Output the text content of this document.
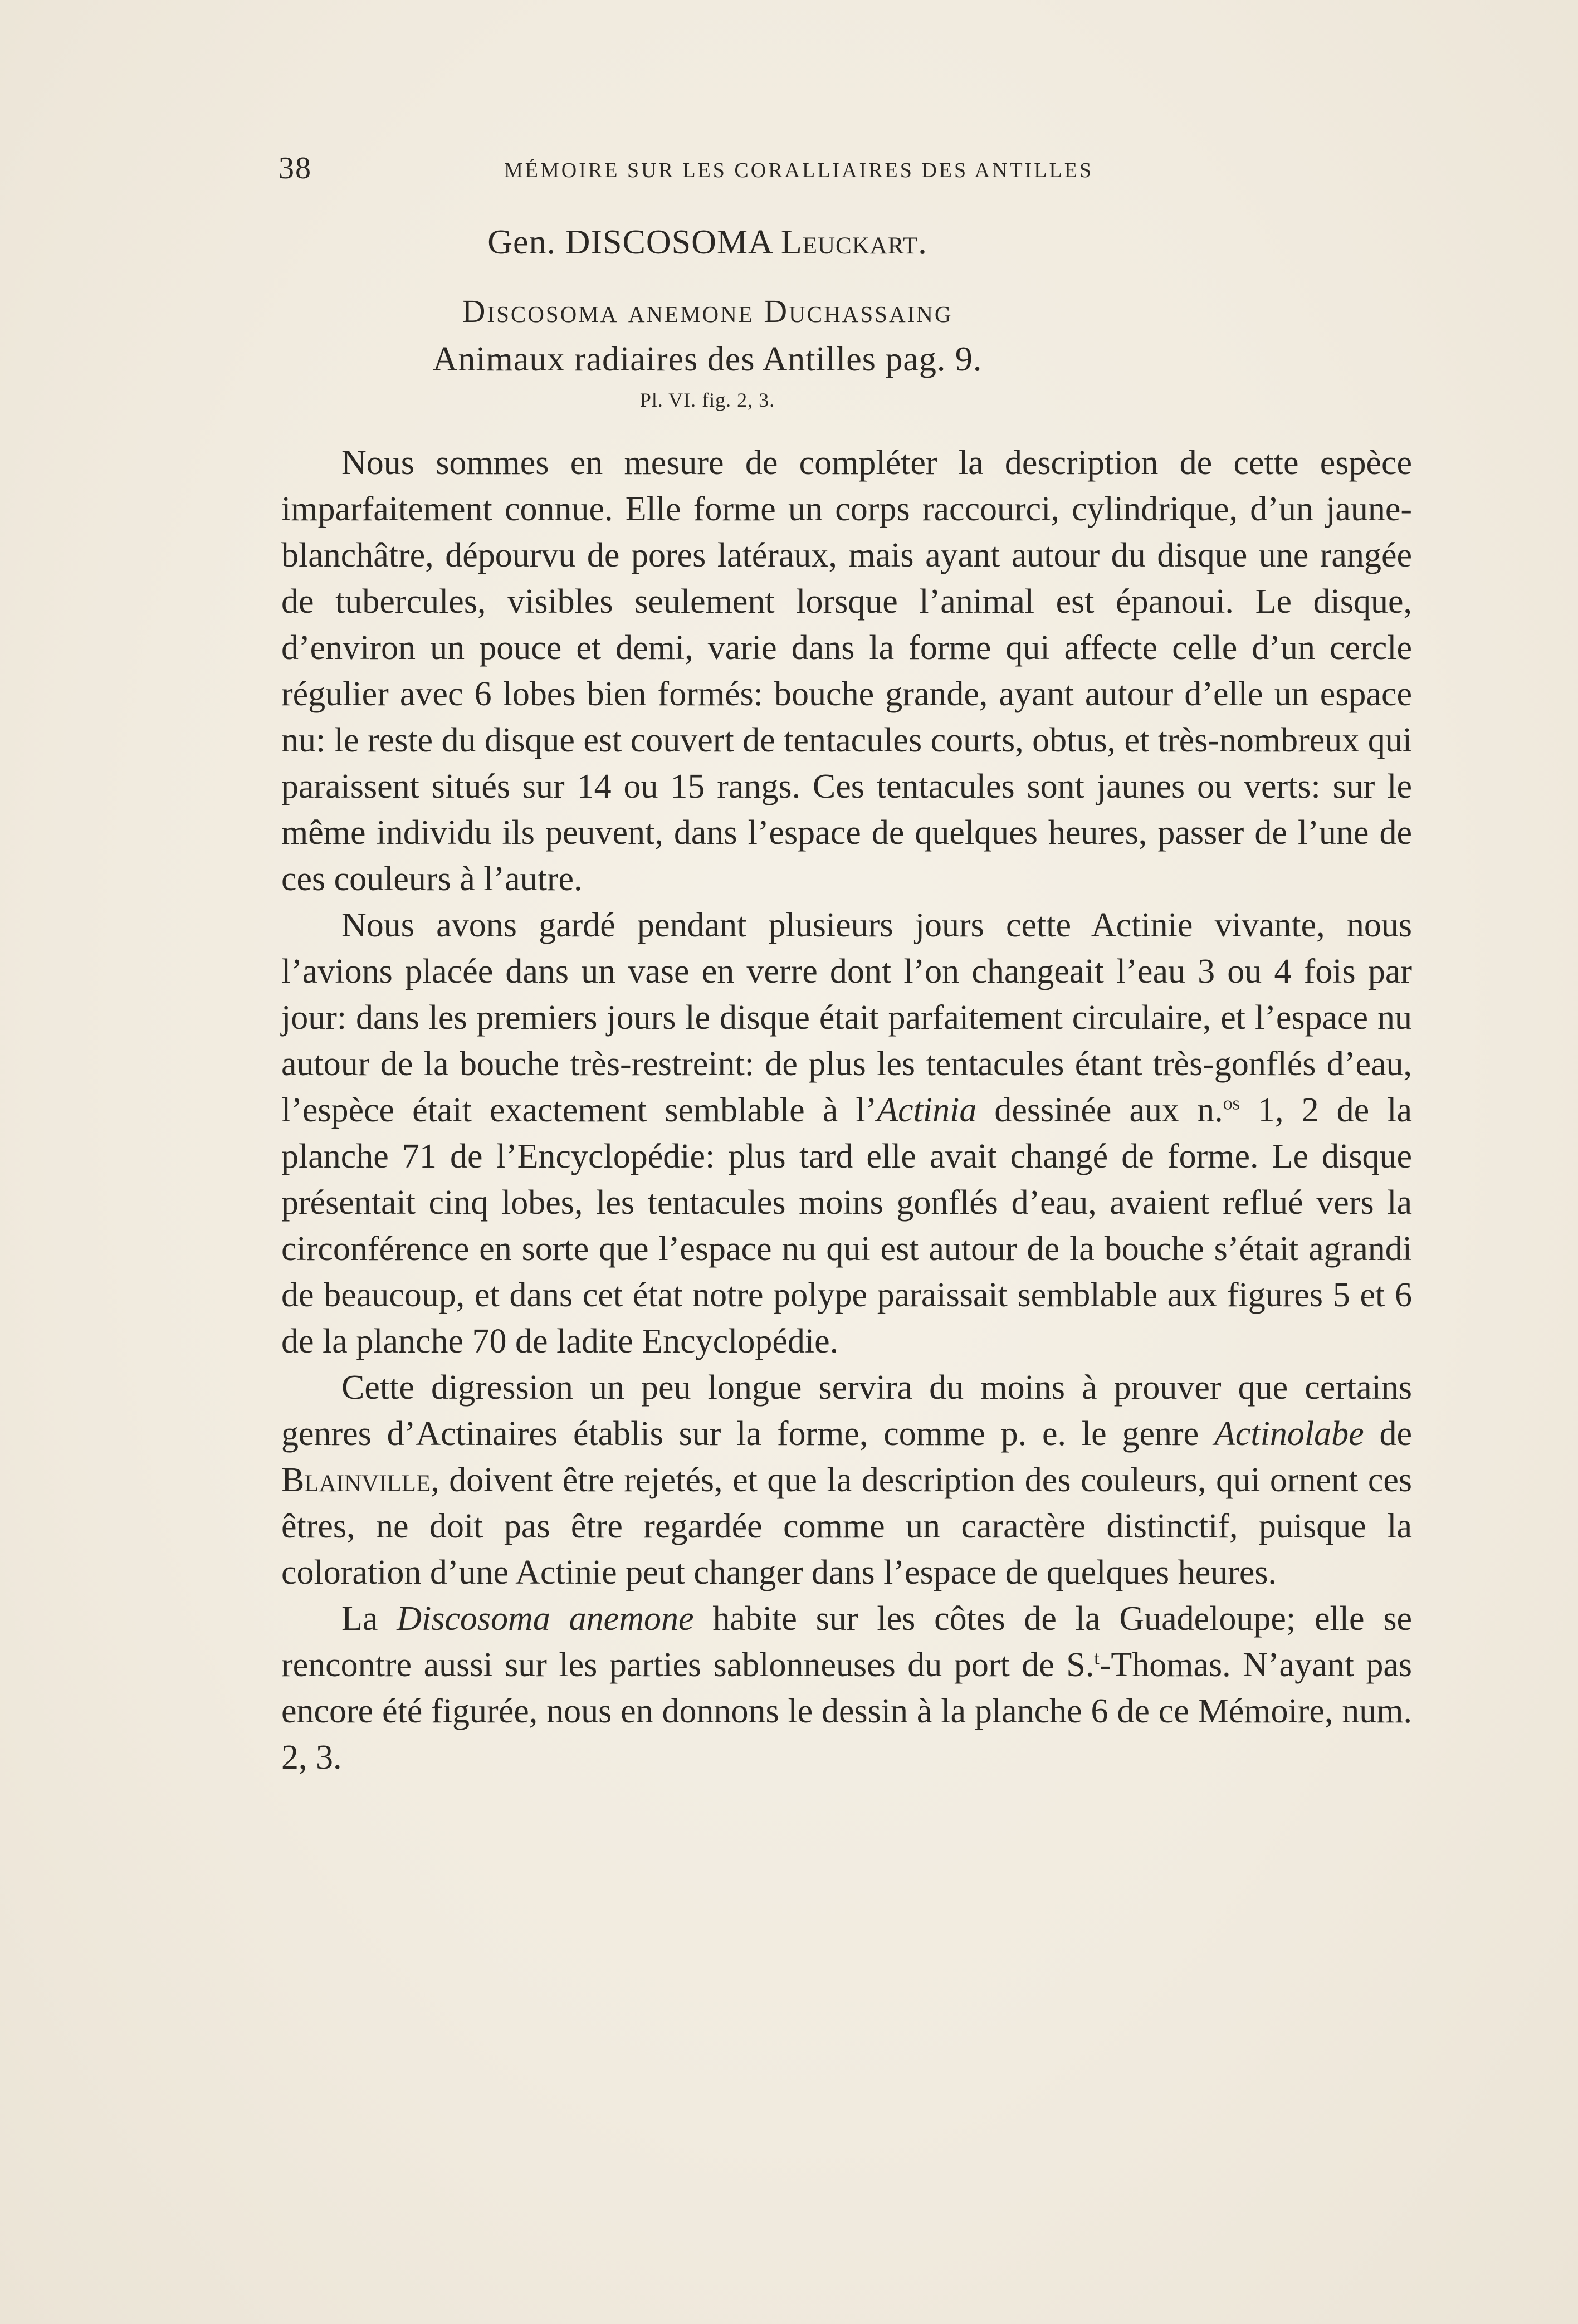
38	MÉMOIRE SUR LES CORALLIAIRES DES ANTILLES
Gen. DISCOSOMA Leuckart.
Discosoma anemone Duchassaing
Animaux radiaires des Antilles pag. 9.
Pl. VI. fig. 2, 3.

Nous sommes en mesure de compléter la description de cette espèce imparfaitement connue. Elle forme un corps raccourci, cylindrique, d’un jaune-blanchâtre, dépourvu de pores latéraux, mais ayant autour du disque une rangée de tubercules, visibles seulement lorsque l’animal est épanoui. Le disque, d’environ un pouce et demi, varie dans la forme qui affecte celle d’un cercle régulier avec 6 lobes bien formés: bouche grande, ayant autour d’elle un espace nu: le reste du disque est couvert de tentacules courts, obtus, et très-nombreux qui paraissent situés sur 14 ou 15 rangs. Ces tentacules sont jaunes ou verts: sur le même individu ils peuvent, dans l’espace de quelques heures, passer de l’une de ces couleurs à l’autre.

Nous avons gardé pendant plusieurs jours cette Actinie vivante, nous l’avions placée dans un vase en verre dont l’on changeait l’eau 3 ou 4 fois par jour: dans les premiers jours le disque était parfaitement circulaire, et l’espace nu autour de la bouche très-restreint: de plus les tentacules étant très-gonflés d’eau, l’espèce était exactement semblable à l’Actinia dessinée aux n.$^{os}$ 1, 2 de la planche 71 de l’Encyclopédie: plus tard elle avait changé de forme. Le disque présentait cinq lobes, les tentacules moins gonflés d’eau, avaient reflué vers la circonférence en sorte que l’espace nu qui est autour de la bouche s’était agrandi de beaucoup, et dans cet état notre polype paraissait semblable aux figures 5 et 6 de la planche 70 de ladite Encyclopédie.

Cette digression un peu longue servira du moins à prouver que certains genres d’Actinaires établis sur la forme, comme p. e. le genre Actinolabe de Blainville, doivent être rejetés, et que la description des couleurs, qui ornent ces êtres, ne doit pas être regardée comme un caractère distinctif, puisque la coloration d’une Actinie peut changer dans l’espace de quelques heures.

La Discosoma anemone habite sur les côtes de la Guadeloupe; elle se rencontre aussi sur les parties sablonneuses du port de S.$^t$-Thomas. N’ayant pas encore été figurée, nous en donnons le dessin à la planche 6 de ce Mémoire, num. 2, 3.
